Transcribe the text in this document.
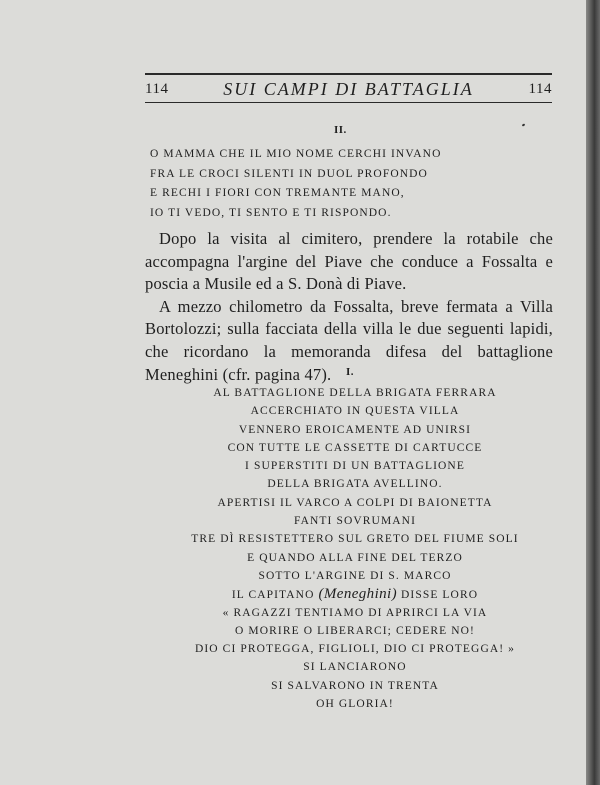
114	SUI CAMPI DI BATTAGLIA	114
II.
O MAMMA CHE IL MIO NOME CERCHI INVANO
FRA LE CROCI SILENTI IN DUOL PROFONDO
E RECHI I FIORI CON TREMANTE MANO,
IO TI VEDO, TI SENTO E TI RISPONDO.

Dopo la visita al cimitero, prendere la rotabile che accompagna l'argine del Piave che conduce a Fossalta e poscia a Musile ed a S. Donà di Piave.

A mezzo chilometro da Fossalta, breve fermata a Villa Bortolozzi; sulla facciata della villa le due seguenti lapidi, che ricordano la memoranda difesa del battaglione Meneghini (cfr. pagina 47).	I.
AL BATTAGLIONE DELLA BRIGATA FERRARA
ACCERCHIATO IN QUESTA VILLA
VENNERO EROICAMENTE AD UNIRSI
CON TUTTE LE CASSETTE DI CARTUCCE
I SUPERSTITI DI UN BATTAGLIONE
DELLA BRIGATA AVELLINO.
APERTISI IL VARCO A COLPI DI BAIONETTA
FANTI SOVRUMANI
TRE DÌ RESISTETTERO SUL GRETO DEL FIUME SOLI
E QUANDO ALLA FINE DEL TERZO
SOTTO L'ARGINE DI S. MARCO
IL CAPITANO (Meneghini) DISSE LORO
« RAGAZZI TENTIAMO DI APRIRCI LA VIA
O MORIRE O LIBERARCI; CEDERE NO!
DIO CI PROTEGGA, FIGLIOLI, DIO CI PROTEGGA! »
SI LANCIARONO
SI SALVARONO IN TRENTA
OH GLORIA!
